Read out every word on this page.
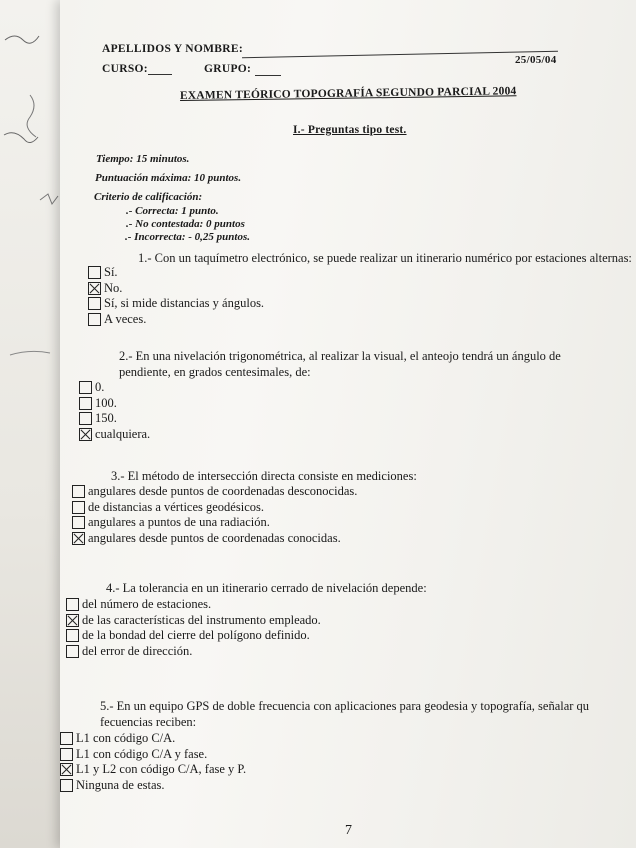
APELLIDOS Y NOMBRE:
25/05/04
CURSO:	GRUPO:
EXAMEN TEÓRICO TOPOGRAFÍA SEGUNDO PARCIAL 2004
I.- Preguntas tipo test.
Tiempo: 15 minutos.
Puntuación máxima: 10 puntos.
Criterio de calificación:
.- Correcta: 1 punto.
.- No contestada: 0 puntos
.- Incorrecta: - 0,25 puntos.
1.- Con un taquímetro electrónico, se puede realizar un itinerario numérico por estaciones alternas:
Sí.
No.
Sí, si mide distancias y ángulos.
A veces.
2.- En una nivelación trigonométrica, al realizar la visual, el anteojo tendrá un ángulo de
pendiente, en grados centesimales, de:
0.
100.
150.
cualquiera.
3.- El método de intersección directa consiste en mediciones:
angulares desde puntos de coordenadas desconocidas.
de distancias a vértices geodésicos.
angulares a puntos de una radiación.
angulares desde puntos de coordenadas conocidas.
4.- La tolerancia en un itinerario cerrado de nivelación depende:
del número de estaciones.
de las características del instrumento empleado.
de la bondad del cierre del polígono definido.
del error de dirección.
5.- En un equipo GPS de doble frecuencia con aplicaciones para geodesia y topografía, señalar qu
fecuencias reciben:
L1 con código C/A.
L1 con código C/A y fase.
L1 y L2 con código C/A, fase y P.
Ninguna de estas.
7
